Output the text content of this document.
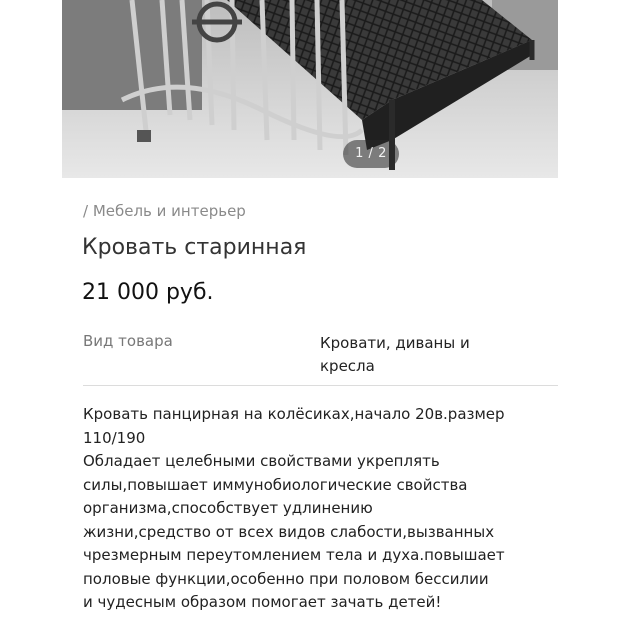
1 / 2
/ Мебель и интерьер
Кровать старинная
21 000 руб.
Вид товара	Кровати, диваны и
кресла
Кровать панцирная на колёсиках,начало 20в.размер
110/190
Обладает целебными свойствами укреплять
силы,повышает иммунобиологические свойства
организма,способствует удлинению
жизни,средство от всех видов слабости,вызванных
чрезмерным переутомлением тела и духа.повышает
половые функции,особенно при половом бессилии
и чудесным образом помогает зачать детей!
